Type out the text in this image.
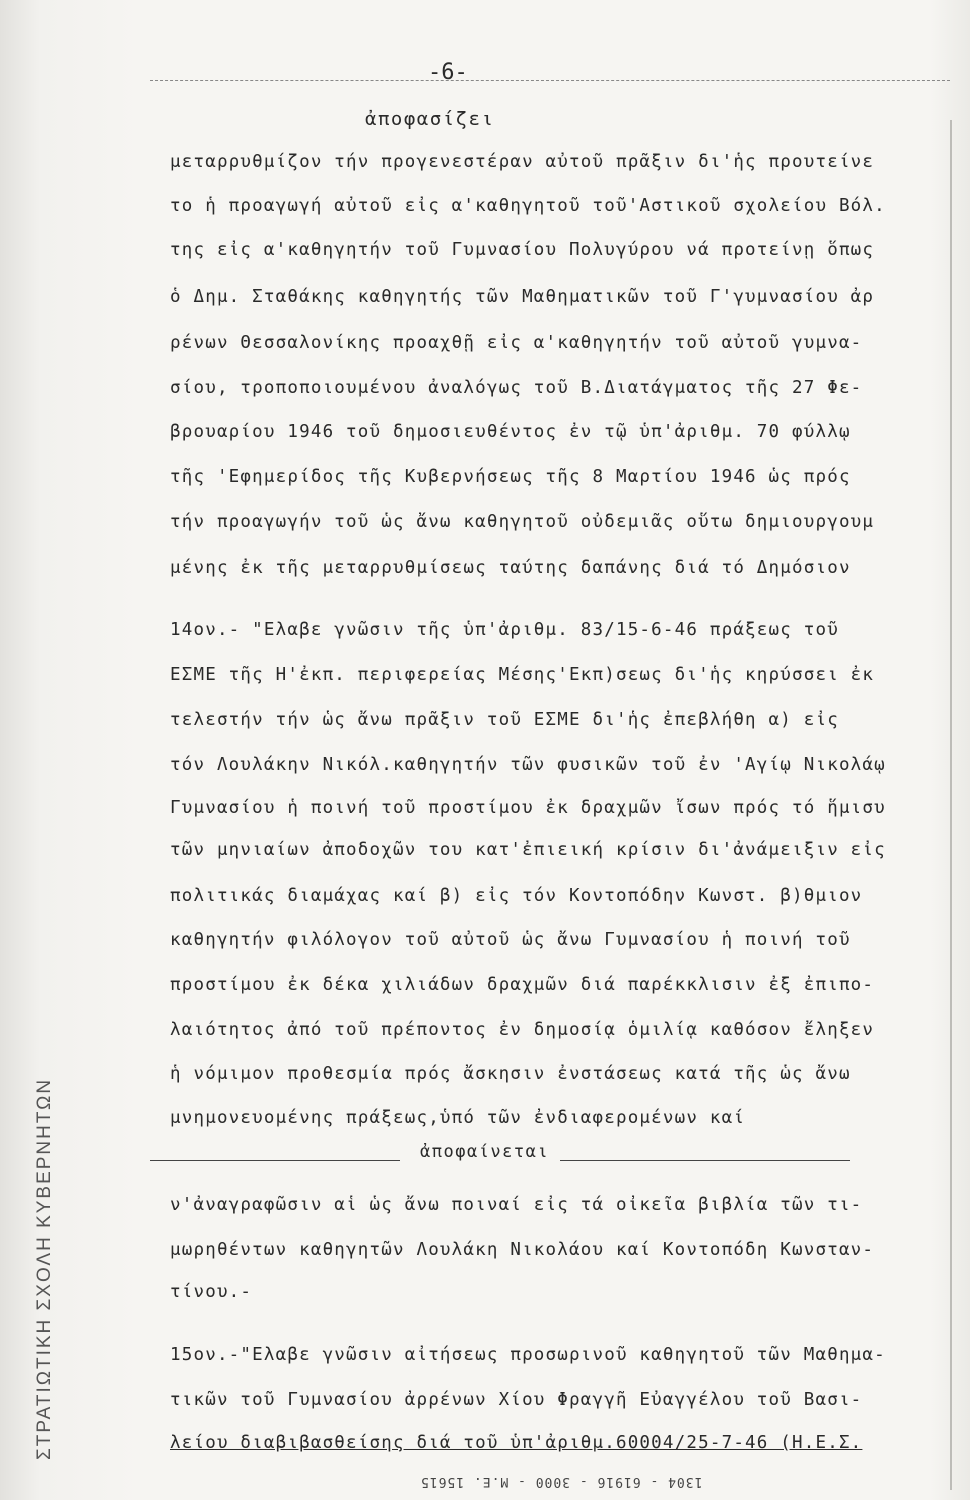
ΣΤΡΑΤΙΩΤΙΚΗ ΣΧΟΛΗ ΚΥΒΕΡΝΗΤΩΝ
-6-
ἀποφασίζει
μεταρρυθμίζον τήν προγενεστέραν αὐτοῦ πρᾶξιν δι'ἧς προυτείνε
το ἡ προαγωγή αὐτοῦ εἰς α'καθηγητοῦ τοῦ'Αστικοῦ σχολείου Βόλ.
της εἰς α'καθηγητήν τοῦ Γυμνασίου Πολυγύρου νά προτείνῃ ὅπως
ὁ Δημ. Σταθάκης καθηγητής τῶν Μαθηματικῶν τοῦ Γ'γυμνασίου ἀρ
ρένων Θεσσαλονίκης προαχθῇ εἰς α'καθηγητήν τοῦ αὐτοῦ γυμνα-
σίου, τροποποιουμένου ἀναλόγως τοῦ Β.Διατάγματος τῆς 27 Φε-
βρουαρίου 1946 τοῦ δημοσιευθέντος ἐν τῷ ὑπ'ἀριθμ. 70 φύλλῳ
τῆς 'Εφημερίδος τῆς Κυβερνήσεως τῆς 8 Μαρτίου 1946 ὡς πρός
τήν προαγωγήν τοῦ ὡς ἄνω καθηγητοῦ οὐδεμιᾶς οὕτω δημιουργουμ
μένης ἐκ τῆς μεταρρυθμίσεως ταύτης δαπάνης διά τό Δημόσιον
14ον.- "Ελαβε γνῶσιν τῆς ὑπ'ἀριθμ. 83/15-6-46 πράξεως τοῦ
ΕΣΜΕ τῆς Η'ἐκπ. περιφερείας Μέσης'Εκπ)σεως δι'ἧς κηρύσσει ἐκ
τελεστήν τήν ὡς ἄνω πρᾶξιν τοῦ ΕΣΜΕ δι'ἧς ἐπεβλήθη α) εἰς
τόν Λουλάκην Νικόλ.καθηγητήν τῶν φυσικῶν τοῦ ἐν 'Αγίῳ Νικολάῳ
Γυμνασίου ἡ ποινή τοῦ προστίμου ἐκ δραχμῶν ἴσων πρός τό ἥμισυ
τῶν μηνιαίων ἀποδοχῶν του κατ'ἐπιεική κρίσιν δι'ἀνάμειξιν εἰς
πολιτικάς διαμάχας καί β) εἰς τόν Κοντοπόδην Κωνστ. β)θμιον
καθηγητήν φιλόλογον τοῦ αὐτοῦ ὡς ἄνω Γυμνασίου ἡ ποινή τοῦ
προστίμου ἐκ δέκα χιλιάδων δραχμῶν διά παρέκκλισιν ἐξ ἐπιπο-
λαιότητος ἀπό τοῦ πρέποντος ἐν δημοσίᾳ ὁμιλίᾳ καθόσον ἔληξεν
ἡ νόμιμον προθεσμία πρός ἄσκησιν ἐνστάσεως κατά τῆς ὡς ἄνω
μνημονευομένης πράξεως,ὑπό τῶν ἐνδιαφερομένων καί
ἀποφαίνεται
ν'ἀναγραφῶσιν αἱ ὡς ἄνω ποιναί εἰς τά οἰκεῖα βιβλία τῶν τι-
μωρηθέντων καθηγητῶν Λουλάκη Νικολάου καί Κοντοπόδη Κωνσταν-
τίνου.-
15ον.-"Ελαβε γνῶσιν αἰτήσεως προσωρινοῦ καθηγητοῦ τῶν Μαθημα-
τικῶν τοῦ Γυμνασίου ἀρρένων Χίου Φραγγῆ Εὐαγγέλου τοῦ Βασι-
λείου διαβιβασθείσης διά τοῦ ὑπ'ἀριθμ.60004/25-7-46 (Η.Ε.Σ.
1304 - 61916 - 3000 - Μ.Ε. 15615
